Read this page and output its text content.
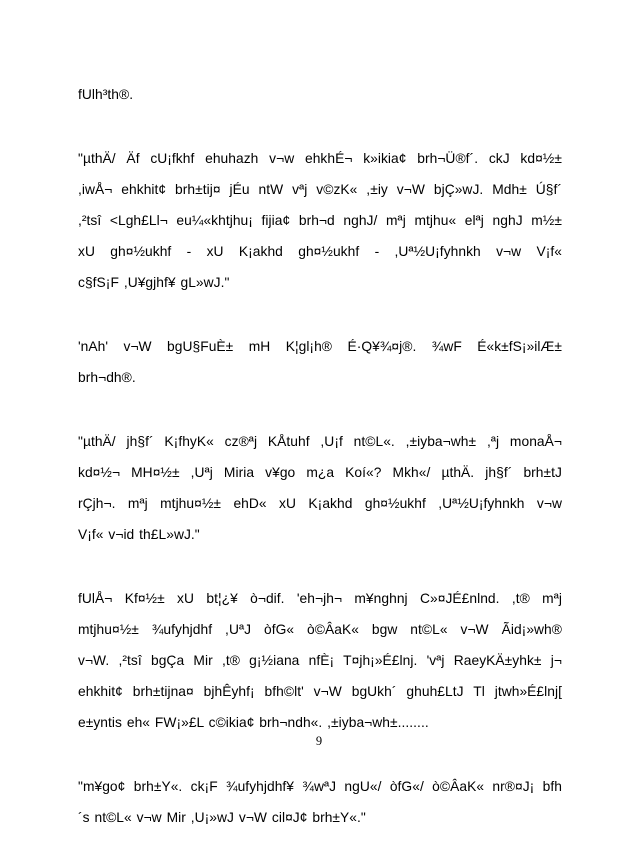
fUlh³th®.

"µthÄ/ Äf cU¡fkhf ehuhazh v¬w ehkhÉ¬ k»ikia¢ brh¬Ü®f´. ckJ kd¤½±
,iwÅ¬ ehkhit¢ brh±tij¤ jÉu ntW vªj v©zK« ,±iy v¬W bjÇ»wJ. Mdh± Ú§f´
,²tsî <Lgh£Ll¬ eu¼«khtjhu¡ fijia¢ brh¬d nghJ/ mªj mtjhu« elªj nghJ m½±
xU gh¤½ukhf - xU K¡akhd gh¤½ukhf - ,Uª½U¡fyhnkh v¬w V¡f«
c§fS¡F ,U¥gjhf¥ gL»wJ."

'nAh' v¬W bgU§FuÈ± mH K¦gl¡h® É·Q¥¾¤j®. ¾wF É«k±fS¡»ilÆ±
brh¬dh®.

"µthÄ/ jh§f´ K¡fhyK« cz®ªj KÅtuhf ,U¡f nt©L«. ,±iyba¬wh± ,ªj monaÅ¬
kd¤½¬ MH¤½± ,Uªj Miria v¥go m¿a Koí«? Mkh«/ µthÄ. jh§f´ brh±tJ
rÇjh¬. mªj mtjhu¤½± ehD« xU K¡akhd gh¤½ukhf ,Uª½U¡fyhnkh v¬w
V¡f« v¬id th£L»wJ."

fUlÅ¬ Kf¤½± xU bt¦¿¥ ò¬dif. 'eh¬jh¬ m¥nghnj C»¤JÉ£nlnd. ,t® mªj
mtjhu¤½± ¾ufyhjdhf ,UªJ òfG« ò©ÂaK« bgw nt©L« v¬W Ãid¡»wh®
v¬W. ,²tsî bgÇa Mir ,t® g¡½iana nfÈ¡ T¤jh¡»É£lnj. 'vªj RaeyKÄ±yhk± j¬
ehkhit¢ brh±tijna¤ bjhÊyhf¡ bfh©lt' v¬W bgUkh´ ghuh£LtJ Tl jtwh»É£lnj[
e±yntis eh« FW¡»£L c©ikia¢ brh¬ndh«. ,±iyba¬wh±........

"m¥go¢ brh±Y«. ck¡F ¾ufyhjdhf¥ ¾wªJ ngU«/ òfG«/ ò©ÂaK« nr®¤J¡ bfh
´s nt©L« v¬w Mir ,U¡»wJ v¬W cil¤J¢ brh±Y«."

9
